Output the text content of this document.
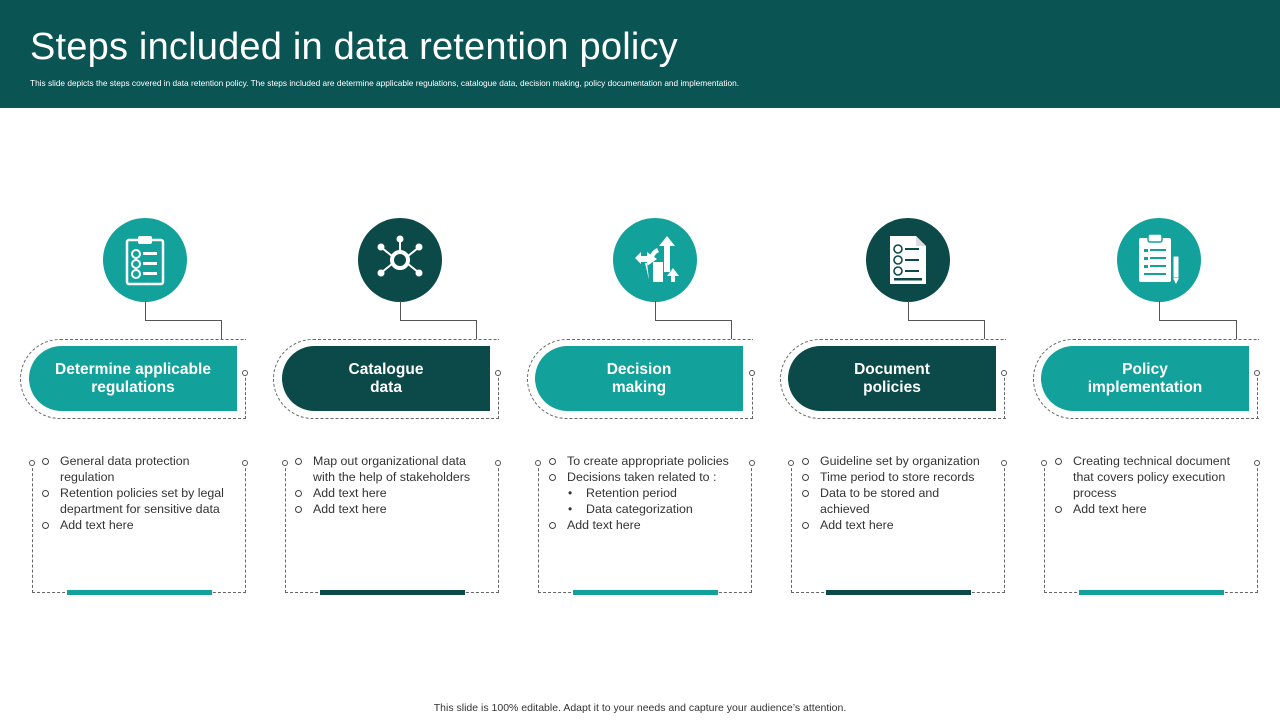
Steps included in data retention policy
This slide depicts the steps covered in data retention policy. The steps included are determine applicable regulations, catalogue data, decision making, policy documentation and implementation.
Determine applicable
regulations
General data protection regulation
Retention policies set by legal department for sensitive data
Add text here
Catalogue
data
Map out organizational data with the help of stakeholders
Add text here
Add text here
Decision
making
To create appropriate policies
Decisions taken related to :
• Retention period
• Data categorization
Add text here
Document
policies
Guideline set by organization
Time period to store records
Data to be stored and achieved
Add text here
Policy
implementation
Creating technical document that covers policy execution process
Add text here
This slide is 100% editable. Adapt it to your needs and capture your audience’s attention.
